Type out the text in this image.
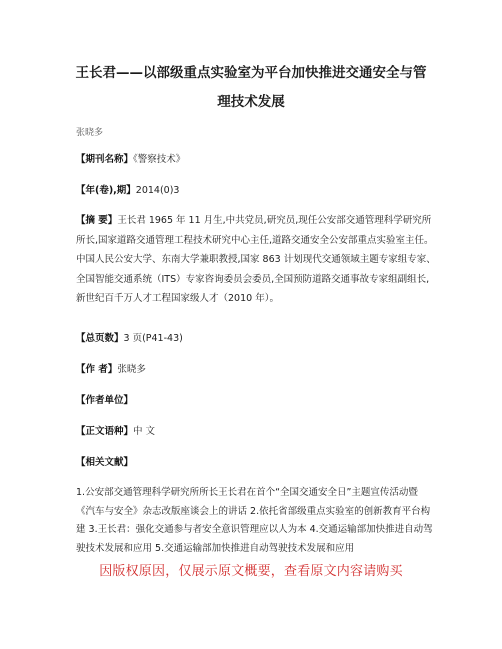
王长君——以部级重点实验室为平台加快推进交通安全与管
理技术发展
张晓多
【期刊名称】《警察技术》
【年(卷),期】2014(0)3
【摘 要】王长君 1965 年 11 月生,中共党员,研究员,现任公安部交通管理科学研究所所长,国家道路交通管理工程技术研究中心主任,道路交通安全公安部重点实验室主任。中国人民公安大学、东南大学兼职教授,国家 863 计划现代交通领域主题专家组专家、全国智能交通系统（ITS）专家咨询委员会委员,全国预防道路交通事故专家组副组长,新世纪百千万人才工程国家级人才（2010 年）。
【总页数】3 页(P41-43)
【作 者】张晓多
【作者单位】
【正文语种】中 文
【相关文献】
1.公安部交通管理科学研究所所长王长君在首个“全国交通安全日”主题宣传活动暨《汽车与安全》杂志改版座谈会上的讲话 2.依托省部级重点实验室的创新教育平台构建 3.王长君：强化交通参与者安全意识管理应以人为本 4.交通运输部加快推进自动驾驶技术发展和应用 5.交通运输部加快推进自动驾驶技术发展和应用
因版权原因，仅展示原文概要，查看原文内容请购买
